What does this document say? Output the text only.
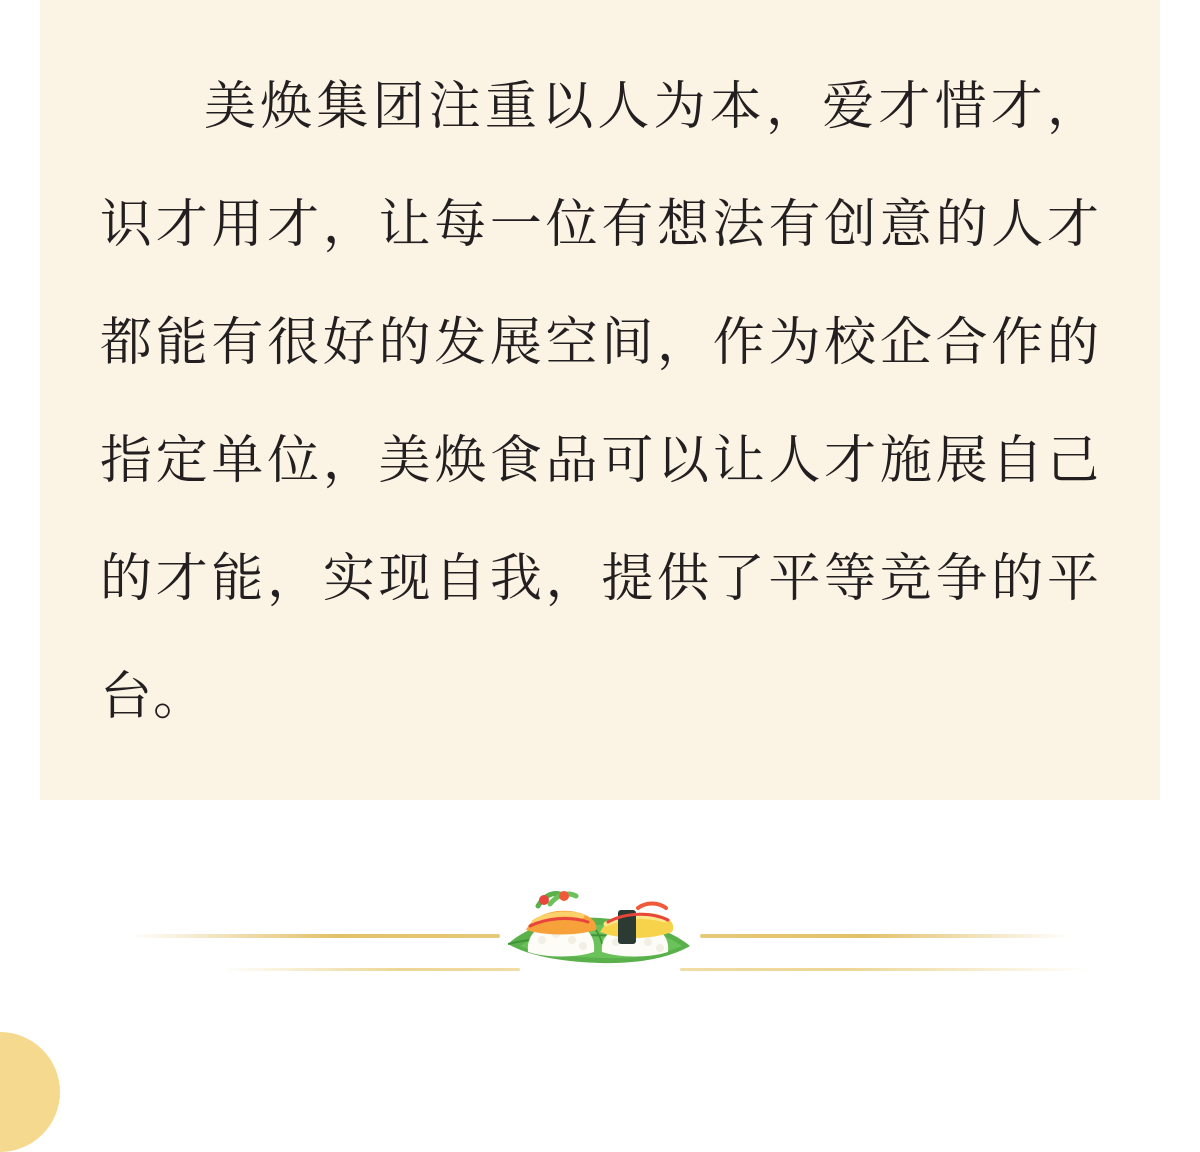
美焕集团注重以人为本，爱才惜才，识才用才，让每一位有想法有创意的人才都能有很好的发展空间，作为校企合作的指定单位，美焕食品可以让人才施展自己的才能，实现自我，提供了平等竞争的平台。
